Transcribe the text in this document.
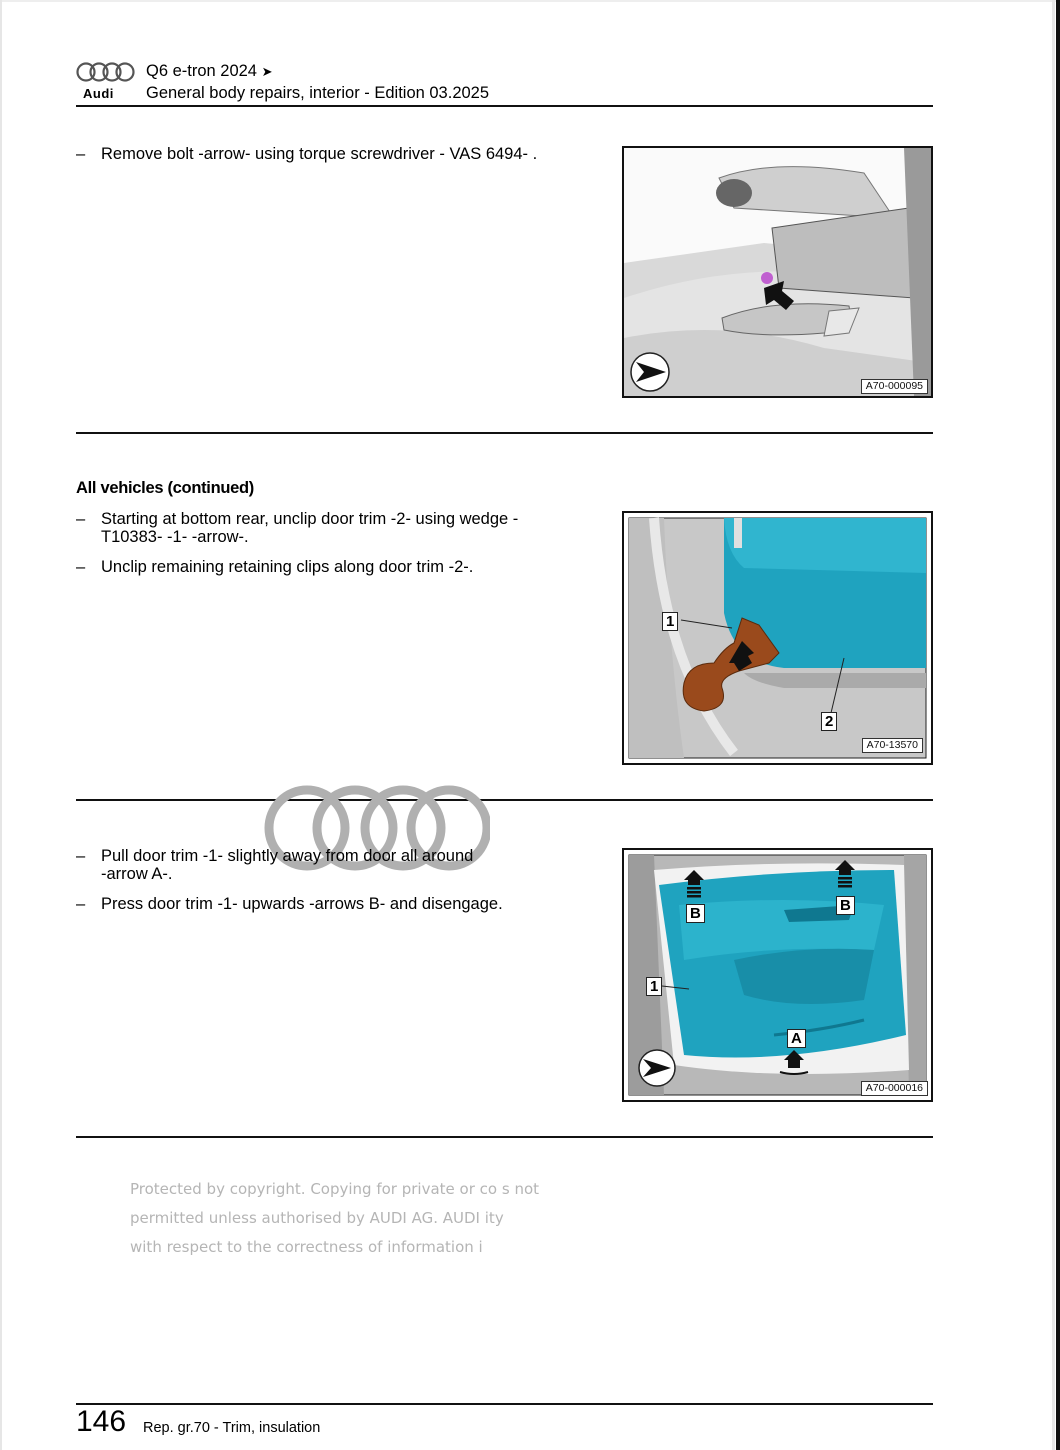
Audi
Q6 e-tron 2024 ➤
General body repairs, interior - Edition 03.2025
– Remove bolt -arrow- using torque screwdriver - VAS 6494- .
A70-000095
All vehicles (continued)
– Starting at bottom rear, unclip door trim -2- using wedge -
T10383- -1- -arrow-.
– Unclip remaining retaining clips along door trim -2-.
1
2
A70-13570
– Pull door trim -1- slightly away from door all around
-arrow A-.
– Press door trim -1- upwards -arrows B- and disengage.
B	B
1
A
A70-000016
Protected by copyright. Copying for private or co s not
permitted unless authorised by AUDI AG. AUDI ity
with respect to the correctness of information i
146 Rep. gr.70 - Trim, insulation
